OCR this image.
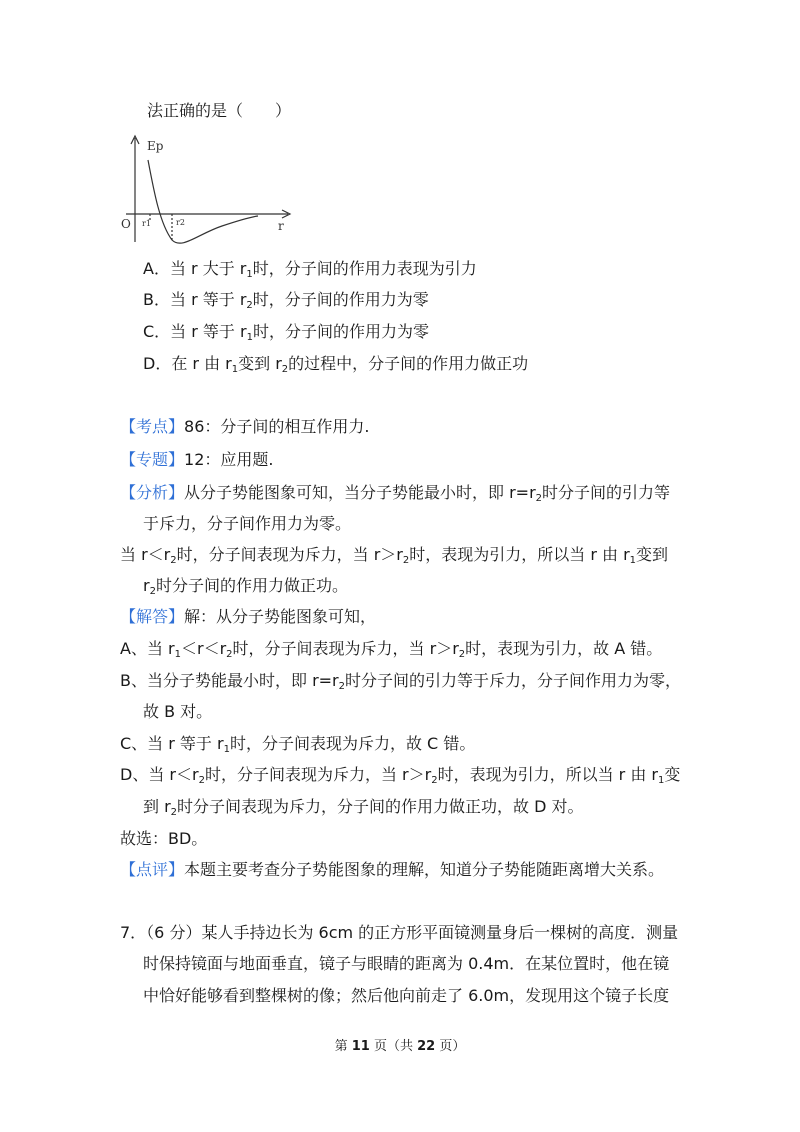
法正确的是（　　）
Ep
O	r
r1	r2
A．当 r 大于 $r_1$时，分子间的作用力表现为引力
B．当 r 等于 $r_2$时，分子间的作用力为零
C．当 r 等于 $r_1$时，分子间的作用力为零
D．在 r 由 $r_1$变到 $r_2$的过程中，分子间的作用力做正功
【考点】86：分子间的相互作用力.
【专题】12：应用题.
【分析】从分子势能图象可知，当分子势能最小时，即 $r=r_2$时分子间的引力等
于斥力，分子间作用力为零。
当 $r<r_2$时，分子间表现为斥力，当 $r>r_2$时，表现为引力，所以当 r 由 $r_1$变到
$r_2$时分子间的作用力做正功。
【解答】解：从分子势能图象可知，
A、当 $r_1<r<r_2$时，分子间表现为斥力，当 $r>r_2$时，表现为引力，故 A 错。
B、当分子势能最小时，即 $r=r_2$时分子间的引力等于斥力，分子间作用力为零，
故 B 对。
C、当 r 等于 $r_1$时，分子间表现为斥力，故 C 错。
D、当 $r<r_2$时，分子间表现为斥力，当 $r>r_2$时，表现为引力，所以当 r 由 $r_1$变
到 $r_2$时分子间表现为斥力，分子间的作用力做正功，故 D 对。
故选：BD。
【点评】本题主要考查分子势能图象的理解，知道分子势能随距离增大关系。
7．（6 分）某人手持边长为 6cm 的正方形平面镜测量身后一棵树的高度．测量
时保持镜面与地面垂直，镜子与眼睛的距离为 0.4m．在某位置时，他在镜
中恰好能够看到整棵树的像；然后他向前走了 6.0m，发现用这个镜子长度
第 11 页（共 22 页）
